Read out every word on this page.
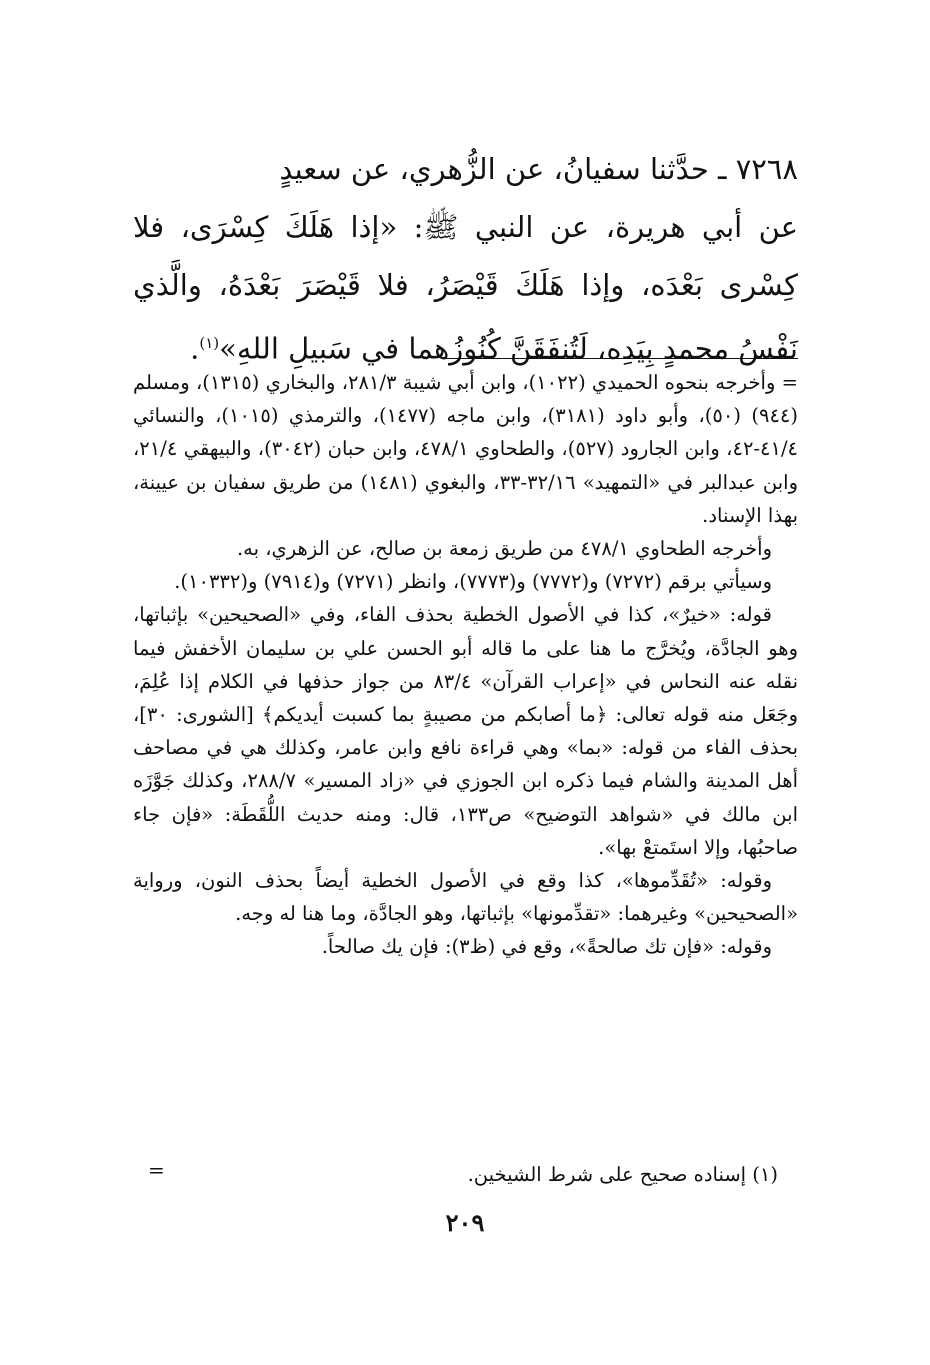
٧٢٦٨ ـ حدَّثنا سفيانُ، عن الزُّهري، عن سعيدٍ

عن أبي هريرة، عن النبي ﷺ: «إذا هَلَكَ كِسْرَى، فلا كِسْرى بَعْدَه، وإذا هَلَكَ قَيْصَرُ، فلا قَيْصَرَ بَعْدَهُ، والَّذي نَفْسُ محمدٍ بِيَدِه، لَتُنفَقَنَّ كُنُوزُهما في سَبيلِ اللهِ»$^{(١)}$.

= وأخرجه بنحوه الحميدي (١٠٢٢)، وابن أبي شيبة ٢٨١/٣، والبخاري (١٣١٥)، ومسلم (٩٤٤) (٥٠)، وأبو داود (٣١٨١)، وابن ماجه (١٤٧٧)، والترمذي (١٠١٥)، والنسائي ٤١/٤-٤٢، وابن الجارود (٥٢٧)، والطحاوي ٤٧٨/١، وابن حبان (٣٠٤٢)، والبيهقي ٢١/٤، وابن عبدالبر في «التمهيد» ٣٢/١٦-٣٣، والبغوي (١٤٨١) من طريق سفيان بن عيينة، بهذا الإسناد.

وأخرجه الطحاوي ٤٧٨/١ من طريق زمعة بن صالح، عن الزهري، به.

وسيأتي برقم (٧٢٧٢) و(٧٧٧٢) و(٧٧٧٣)، وانظر (٧٢٧١) و(٧٩١٤) و(١٠٣٣٢).

قوله: «خيرٌ»، كذا في الأصول الخطية بحذف الفاء، وفي «الصحيحين» بإثباتها، وهو الجادَّة، ويُخرَّج ما هنا على ما قاله أبو الحسن علي بن سليمان الأخفش فيما نقله عنه النحاس في «إعراب القرآن» ٨٣/٤ من جواز حذفها في الكلام إذا عُلِمَ، وجَعَل منه قوله تعالى: ﴿ما أصابكم من مصيبةٍ بما كسبت أيديكم﴾ [الشورى: ٣٠]، بحذف الفاء من قوله: «بما» وهي قراءة نافع وابن عامر، وكذلك هي في مصاحف أهل المدينة والشام فيما ذكره ابن الجوزي في «زاد المسير» ٢٨٨/٧، وكذلك جَوَّزَه ابن مالك في «شواهد التوضيح» ص١٣٣، قال: ومنه حديث اللُّقَطَة: «فإن جاء صاحبُها، وإلا استَمتعْ بها».

وقوله: «تُقَدِّموها»، كذا وقع في الأصول الخطية أيضاً بحذف النون، ورواية «الصحيحين» وغيرهما: «تقدِّمونها» بإثباتها، وهو الجادَّة، وما هنا له وجه.

وقوله: «فإن تك صالحةً»، وقع في (ظ٣): فإن يك صالحاً.

(١) إسناده صحيح على شرط الشيخين.
=
٢٠٩
